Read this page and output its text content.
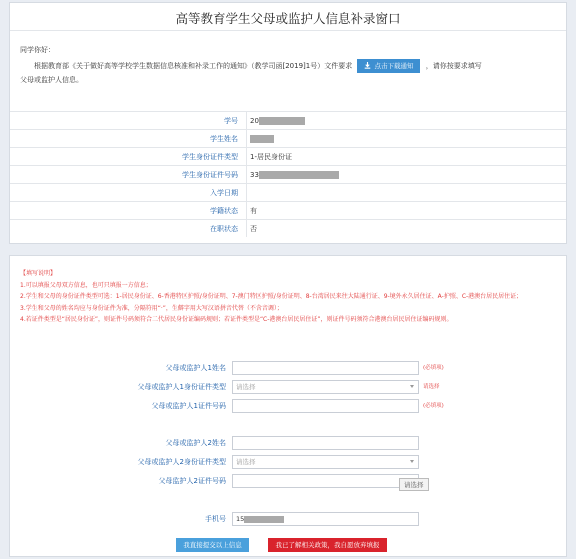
高等教育学生父母或监护人信息补录窗口
同学你好：
根据教育部《关于做好高等学校学生数据信息核准和补录工作的通知》（教学司函[2019]1号）文件要求	点击下载通知 ，请你按要求填写
父母或监护人信息。
学号	20
学生姓名
学生身份证件类型	1-居民身份证
学生身份证件号码	33
入学日期
学籍状态	有
在职状态	否
【填写说明】
1.可以填报父母双方信息，也可只填报一方信息；
2.学生和父母的身份证件类型可选：1-居民身份证、6-香港特区护照/身份证明、7-澳门特区护照/身份证明、8-台湾居民来往大陆通行证、9-境外永久居住证、A-护照、C-港澳台居民居住证；
3.学生和父母的姓名均应与身份证件为准，分隔符用“·”，生僻字用大写汉语拼音代替（不含音调）；
4.若证件类型是“居民身份证”，则证件号码须符合二代居民身份证编码规则；若证件类型是“C-港澳台居民居住证”，则证件号码须符合港澳台居民居住证编码规则。
父母或监护人1姓名	(必填项)
父母或监护人1身份证件类型	请选择	请选择
父母或监护人1证件号码	(必填项)
父母或监护人2姓名
父母或监护人2身份证件类型	请选择
父母监护人2证件号码	请选择
手机号	15
我直接提交以上信息	我已了解相关政策，我自愿放弃填报
